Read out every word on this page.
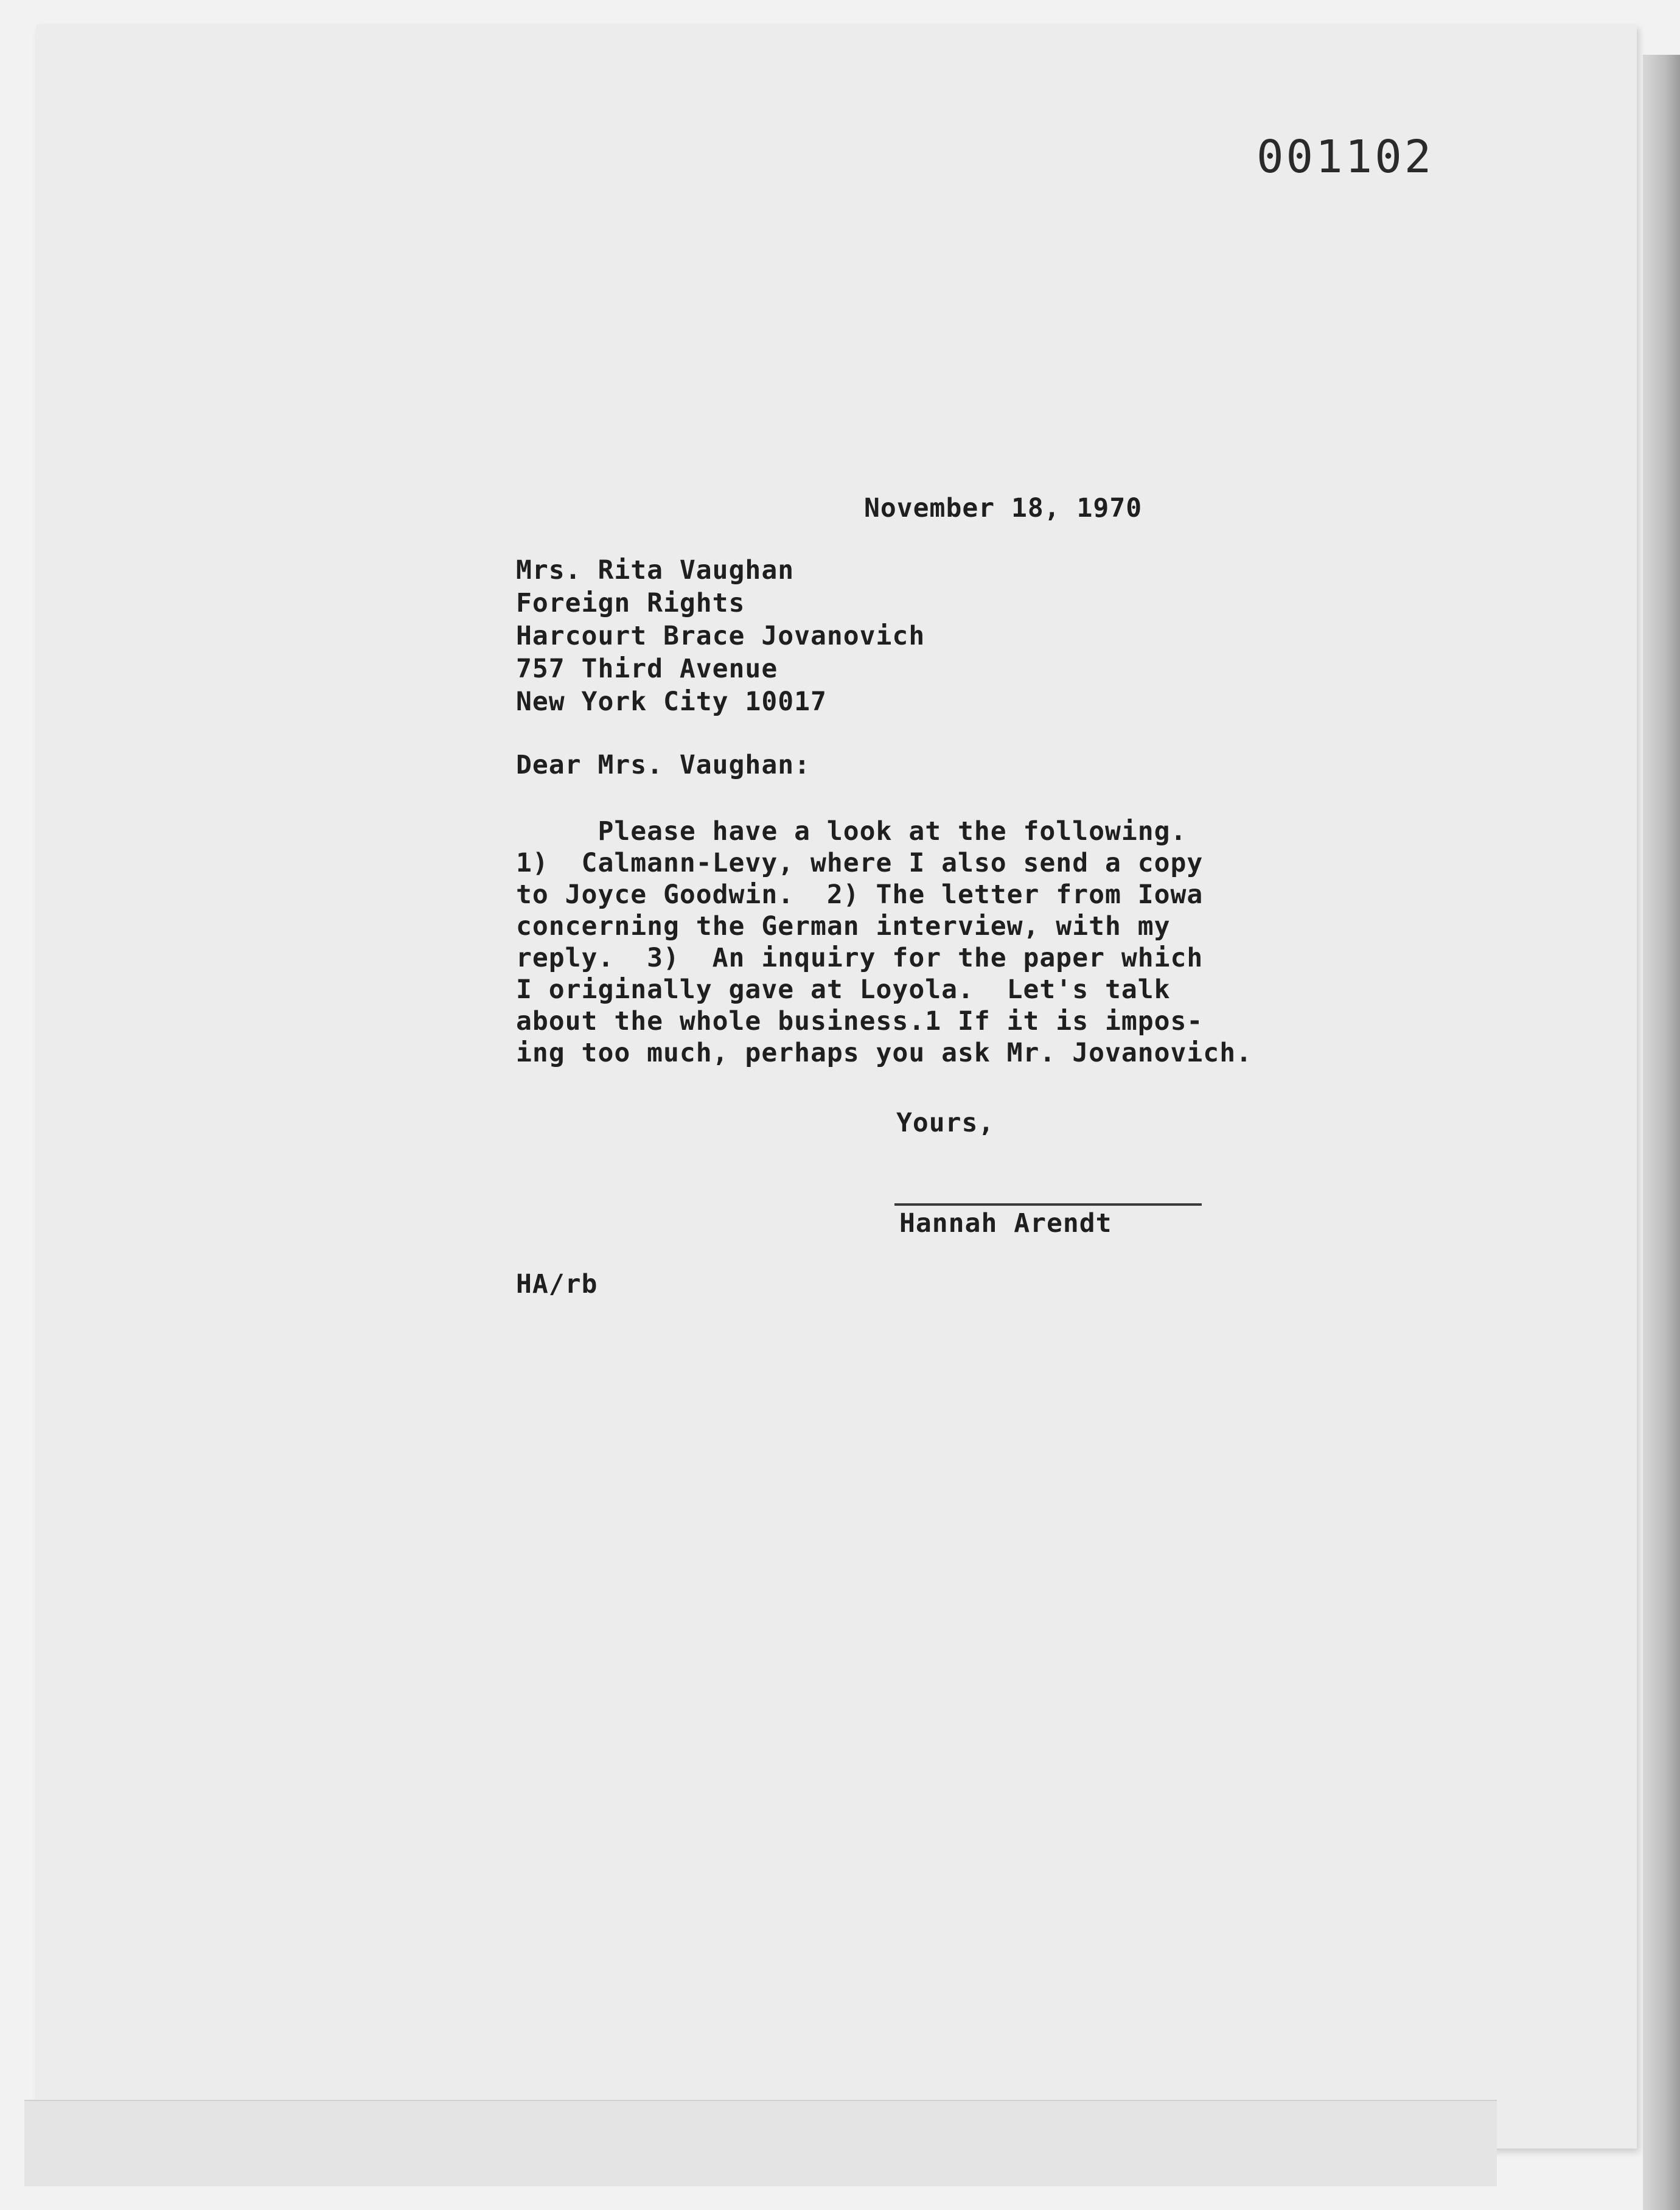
001102
November 18, 1970
Mrs. Rita Vaughan
Foreign Rights
Harcourt Brace Jovanovich
757 Third Avenue
New York City 10017
Dear Mrs. Vaughan:
Please have a look at the following.
1)  Calmann-Levy, where I also send a copy
to Joyce Goodwin.  2) The letter from Iowa
concerning the German interview, with my
reply.  3)  An inquiry for the paper which
I originally gave at Loyola.  Let's talk
about the whole business.1 If it is impos-
ing too much, perhaps you ask Mr. Jovanovich.
Yours,
Hannah Arendt
HA/rb
